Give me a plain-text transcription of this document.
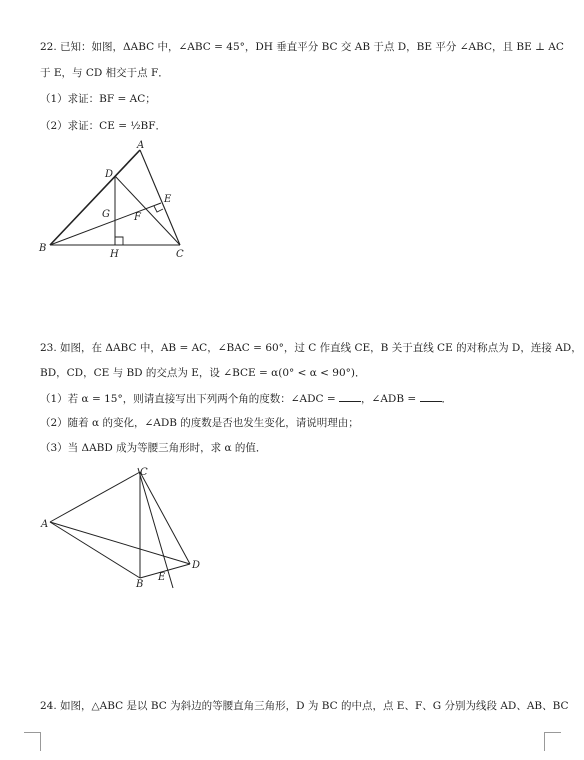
22. 已知：如图，ΔABC 中，∠ABC = 45°，DH 垂直平分 BC 交 AB 于点 D，BE 平分 ∠ABC，且 BE ⊥ AC
于 E，与 CD 相交于点 F．
（1）求证：BF = AC；
（2）求证：CE = ½BF．
A
D
E
G F
B
H	C
23. 如图，在 ΔABC 中，AB = AC，∠BAC = 60°，过 C 作直线 CE，B 关于直线 CE 的对称点为 D，连接 AD，
BD，CD，CE 与 BD 的交点为 E，设 ∠BCE = α(0° < α < 90°)．
（1）若 α = 15°，则请直接写出下列两个角的度数：∠ADC = ，∠ADB = ．
（2）随着 α 的变化，∠ADB 的度数是否也发生变化，请说明理由；
（3）当 ΔABD 成为等腰三角形时，求 α 的值．
C
A
D
B
E
24. 如图，△ABC 是以 BC 为斜边的等腰直角三角形，D 为 BC 的中点，点 E、F、G 分别为线段 AD、AB、BC
